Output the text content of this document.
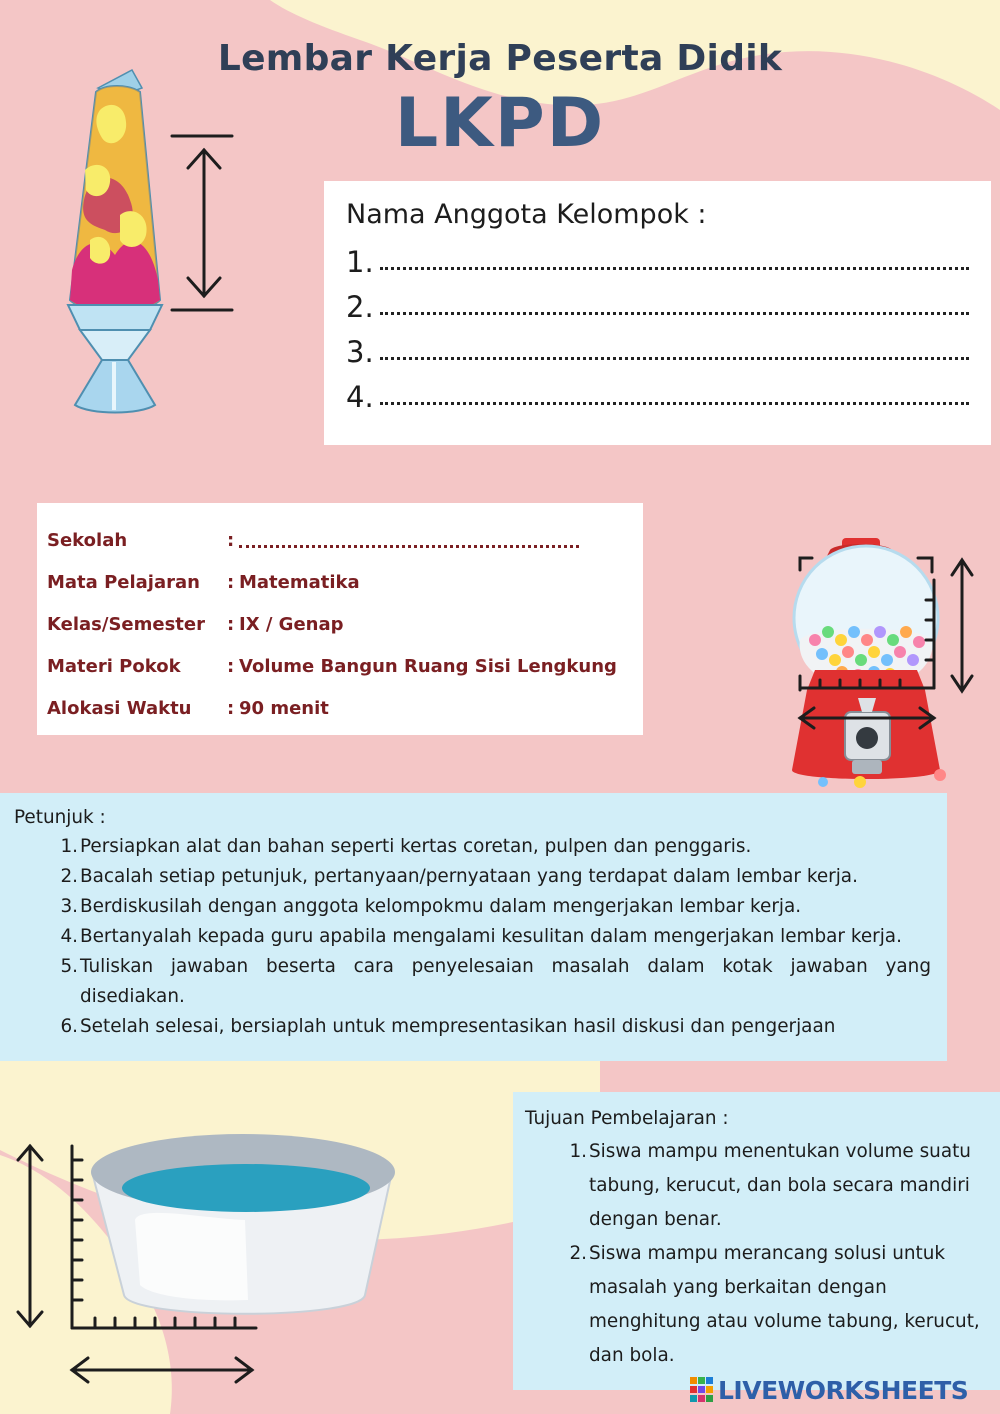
Lembar Kerja Peserta Didik
LKPD
Nama Anggota Kelompok :
1.
2.
3.
4.
Sekolah	:
Mata Pelajaran	: Matematika
Kelas/Semester	: IX / Genap
Materi Pokok	: Volume Bangun Ruang Sisi Lengkung
Alokasi Waktu	: 90 menit
Petunjuk :
1. Persiapkan alat dan bahan seperti kertas coretan, pulpen dan penggaris.
2. Bacalah setiap petunjuk, pertanyaan/pernyataan yang terdapat dalam lembar kerja.
3. Berdiskusilah dengan anggota kelompokmu dalam mengerjakan lembar kerja.
4. Bertanyalah kepada guru apabila mengalami kesulitan dalam mengerjakan lembar kerja.
5. Tuliskan jawaban beserta cara penyelesaian masalah dalam kotak jawaban yang disediakan.
6. Setelah selesai, bersiaplah untuk mempresentasikan hasil diskusi dan pengerjaan
Tujuan Pembelajaran :
1. Siswa mampu menentukan volume suatu tabung, kerucut, dan bola secara mandiri dengan benar.
2. Siswa mampu merancang solusi untuk masalah yang berkaitan dengan menghitung atau volume tabung, kerucut, dan bola.
LIVEWORKSHEETS
